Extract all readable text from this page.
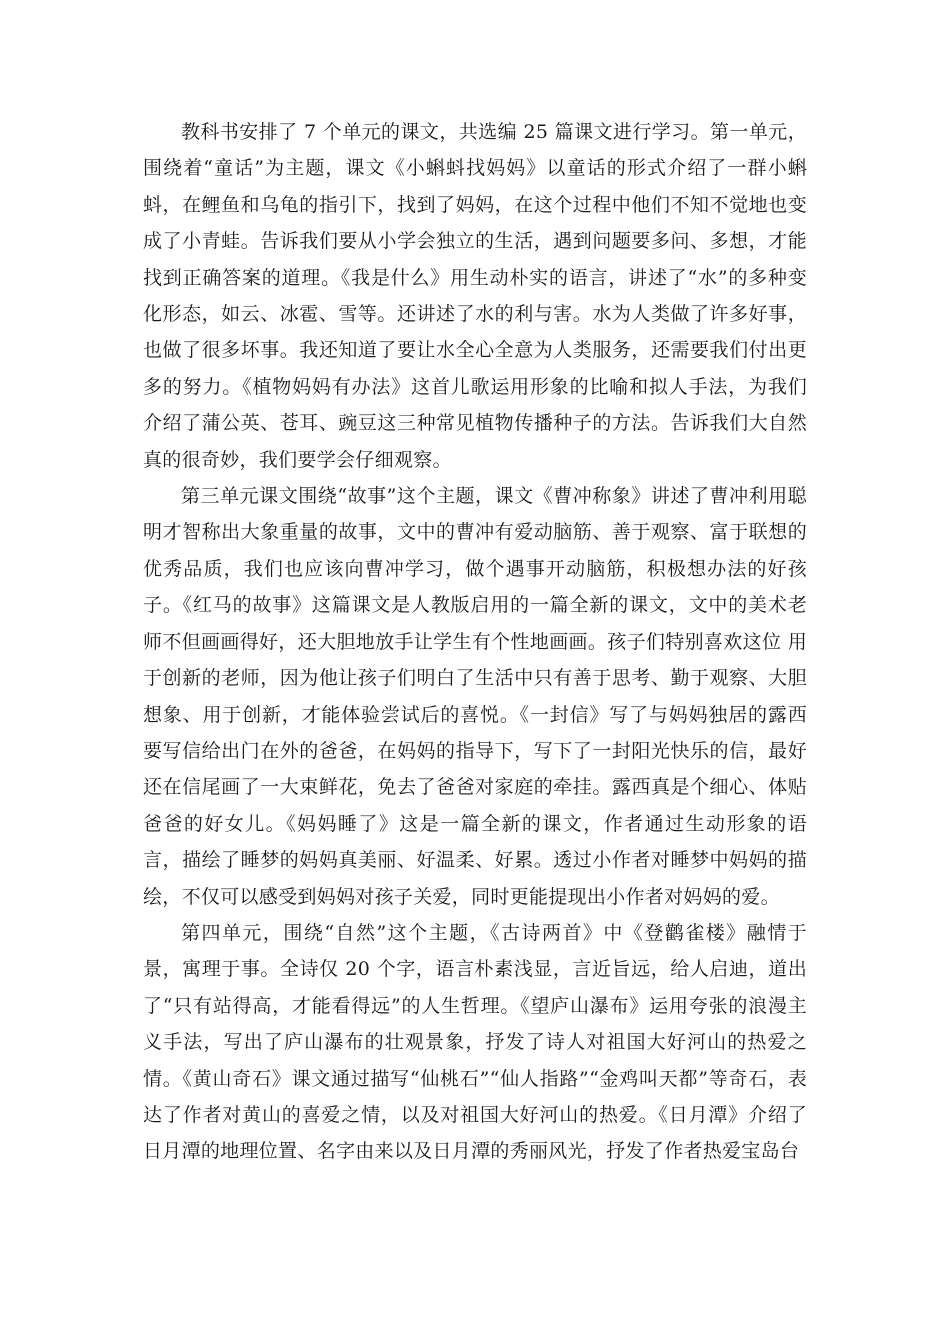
教科书安排了 7 个单元的课文，共选编 25 篇课文进行学习。第一单元，围绕着“童话”为主题，课文《小蝌蚪找妈妈》以童话的形式介绍了一群小蝌蚪，在鲤鱼和乌龟的指引下，找到了妈妈，在这个过程中他们不知不觉地也变成了小青蛙。告诉我们要从小学会独立的生活，遇到问题要多问、多想，才能找到正确答案的道理。《我是什么》用生动朴实的语言，讲述了“水”的多种变化形态，如云、冰雹、雪等。还讲述了水的利与害。水为人类做了许多好事，也做了很多坏事。我还知道了要让水全心全意为人类服务，还需要我们付出更多的努力。《植物妈妈有办法》这首儿歌运用形象的比喻和拟人手法，为我们介绍了蒲公英、苍耳、豌豆这三种常见植物传播种子的方法。告诉我们大自然真的很奇妙，我们要学会仔细观察。

第三单元课文围绕“故事”这个主题，课文《曹冲称象》讲述了曹冲利用聪明才智称出大象重量的故事，文中的曹冲有爱动脑筋、善于观察、富于联想的优秀品质，我们也应该向曹冲学习，做个遇事开动脑筋，积极想办法的好孩子。《红马的故事》这篇课文是人教版启用的一篇全新的课文，文中的美术老师不但画画得好，还大胆地放手让学生有个性地画画。孩子们特别喜欢这位 用于创新的老师，因为他让孩子们明白了生活中只有善于思考、勤于观察、大胆想象、用于创新，才能体验尝试后的喜悦。《一封信》写了与妈妈独居的露西要写信给出门在外的爸爸，在妈妈的指导下，写下了一封阳光快乐的信，最好还在信尾画了一大束鲜花，免去了爸爸对家庭的牵挂。露西真是个细心、体贴爸爸的好女儿。《妈妈睡了》这是一篇全新的课文，作者通过生动形象的语言，描绘了睡梦的妈妈真美丽、好温柔、好累。透过小作者对睡梦中妈妈的描绘，不仅可以感受到妈妈对孩子关爱，同时更能提现出小作者对妈妈的爱。

第四单元，围绕“自然”这个主题，《古诗两首》中《登鹳雀楼》融情于景，寓理于事。全诗仅 20 个字，语言朴素浅显，言近旨远，给人启迪，道出了“只有站得高，才能看得远”的人生哲理。《望庐山瀑布》运用夸张的浪漫主义手法，写出了庐山瀑布的壮观景象，抒发了诗人对祖国大好河山的热爱之情。《黄山奇石》课文通过描写“仙桃石”“仙人指路”“金鸡叫天都”等奇石，表达了作者对黄山的喜爱之情，以及对祖国大好河山的热爱。《日月潭》介绍了日月潭的地理位置、名字由来以及日月潭的秀丽风光，抒发了作者热爱宝岛台
